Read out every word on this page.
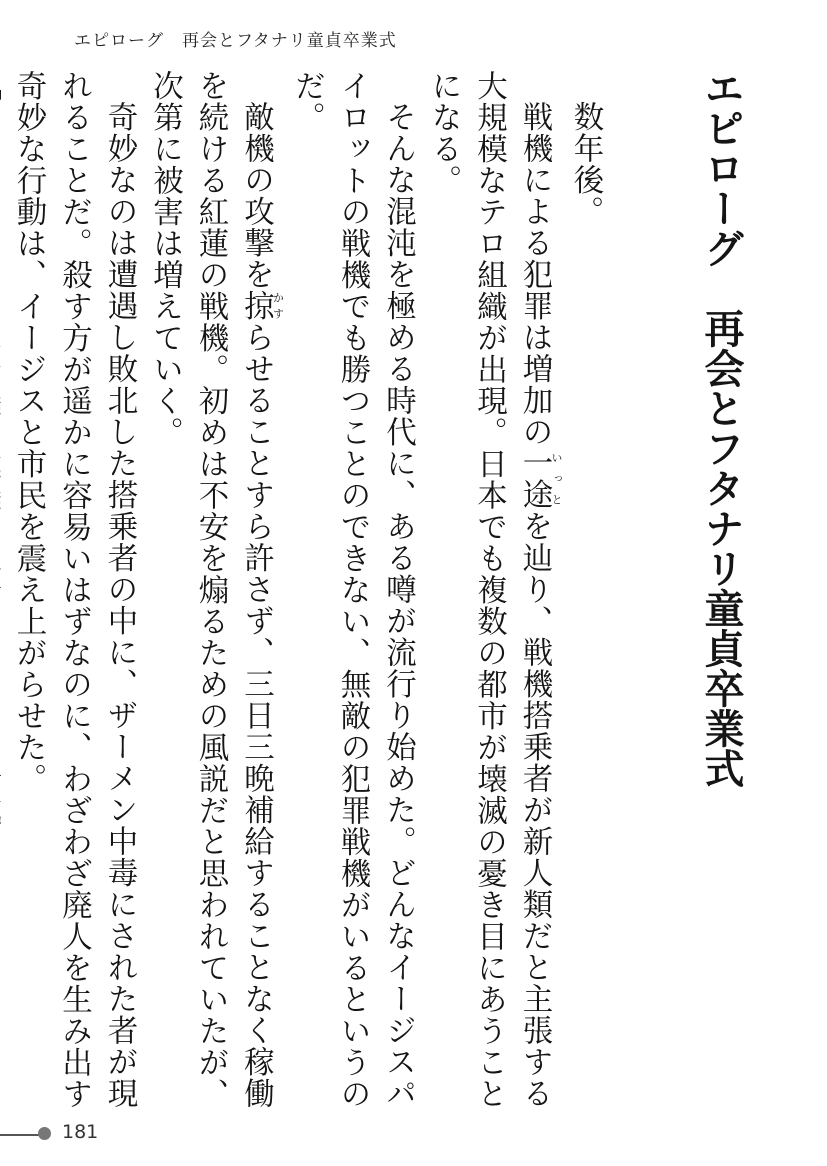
エピローグ　再会とフタナリ童貞卒業式
エピローグ再会とフタナリ童貞卒業式

数年後。

戦機による犯罪は増加の一途いっとを辿り、戦機搭乗者が新人類だと主張する大規模なテロ組織が出現。日本でも複数の都市が壊滅の憂き目にあうことになる。

そんな混沌を極める時代に、ある噂が流行り始めた。どんなイージスパイロットの戦機でも勝つことのできない、無敵の犯罪戦機がいるというのだ。

敵機の攻撃を掠かすらせることすら許さず、三日三晩補給することなく稼働を続ける紅蓮の戦機。初めは不安を煽るための風説だと思われていたが、次第に被害は増えていく。

奇妙なのは遭遇し敗北した搭乗者の中に、ザーメン中毒にされた者が現れることだ。殺す方が遥かに容易いはずなのに、わざわざ廃人を生み出す奇妙な行動は、イージスと市民を震え上がらせた。

181
